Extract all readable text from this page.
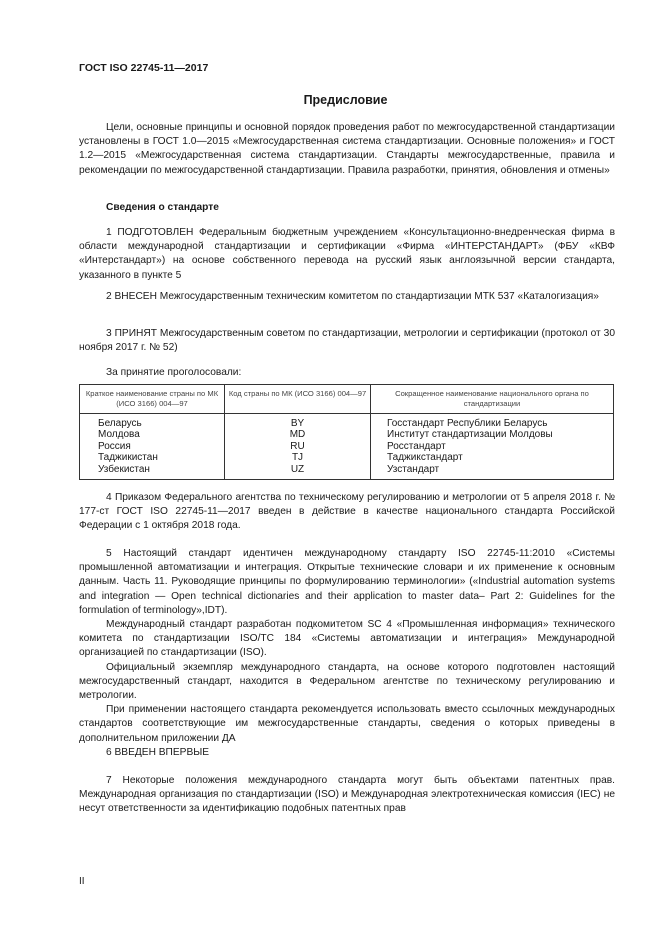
ГОСТ ISO 22745-11—2017
Предисловие

Цели, основные принципы и основной порядок проведения работ по межгосударственной стандартизации установлены в ГОСТ 1.0—2015 «Межгосударственная система стандартизации. Основные положения» и ГОСТ 1.2—2015 «Межгосударственная система стандартизации. Стандарты межгосударственные, правила и рекомендации по межгосударственной стандартизации. Правила разработки, принятия, обновления и отмены»

Сведения о стандарте

1 ПОДГОТОВЛЕН Федеральным бюджетным учреждением «Консультационно-внедренческая фирма в области международной стандартизации и сертификации «Фирма «ИНТЕРСТАНДАРТ» (ФБУ «КВФ «Интерстандарт») на основе собственного перевода на русский язык англоязычной версии стандарта, указанного в пункте 5

2 ВНЕСЕН Межгосударственным техническим комитетом по стандартизации МТК 537 «Каталогизация»

3 ПРИНЯТ Межгосударственным советом по стандартизации, метрологии и сертификации (протокол от 30 ноября 2017 г. № 52)

За принятие проголосовали:
Краткое наименование страны по МК (ИСО 3166) 004—97	Код страны по МК (ИСО 3166) 004—97	Сокращенное наименование национального органа по стандартизации
Беларусь	BY	Госстандарт Республики Беларусь
Молдова	MD	Институт стандартизации Молдовы
Россия	RU	Росстандарт
Таджикистан	TJ	Таджикстандарт
Узбекистан	UZ	Узстандарт

4 Приказом Федерального агентства по техническому регулированию и метрологии от 5 апреля 2018 г. № 177-ст ГОСТ ISO 22745-11—2017 введен в действие в качестве национального стандарта Российской Федерации с 1 октября 2018 года.

5 Настоящий стандарт идентичен международному стандарту ISO 22745-11:2010 «Системы промышленной автоматизации и интеграция. Открытые технические словари и их применение к основным данным. Часть 11. Руководящие принципы по формулированию терминологии» («Industrial automation systems and integration — Open technical dictionaries and their application to master data– Part 2: Guidelines for the formulation of terminology»,IDT).

Международный стандарт разработан подкомитетом SC 4 «Промышленная информация» технического комитета по стандартизации ISO/TC 184 «Системы автоматизации и интеграция» Международной организацией по стандартизации (ISO).

Официальный экземпляр международного стандарта, на основе которого подготовлен настоящий межгосударственный стандарт, находится в Федеральном агентстве по техническому регулированию и метрологии.

При применении настоящего стандарта рекомендуется использовать вместо ссылочных международных стандартов соответствующие им межгосударственные стандарты, сведения о которых приведены в дополнительном приложении ДА

6 ВВЕДЕН ВПЕРВЫЕ

7 Некоторые положения международного стандарта могут быть объектами патентных прав. Международная организация по стандартизации (ISO) и Международная электротехническая комиссия (IEC) не несут ответственности за идентификацию подобных патентных прав

II
